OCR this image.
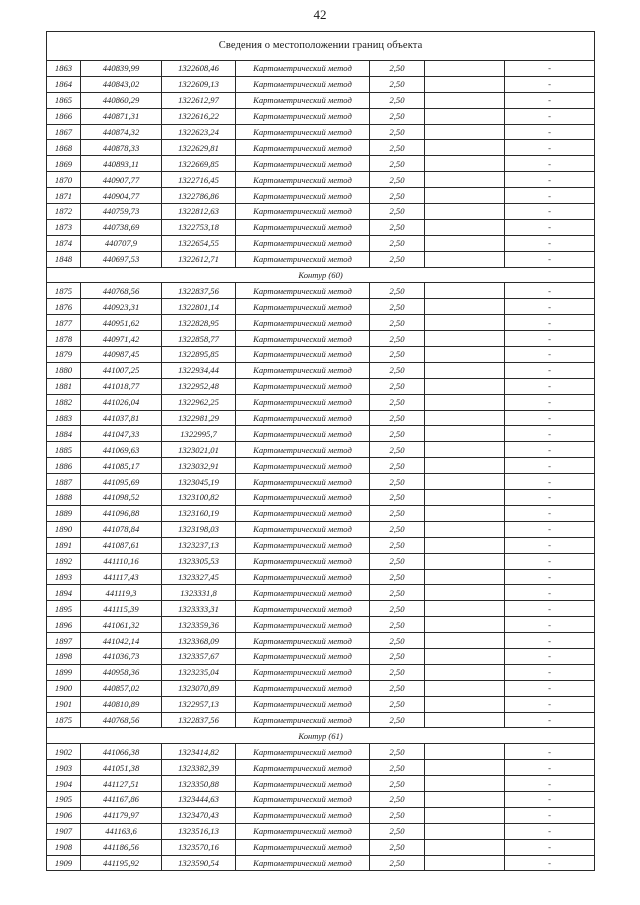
42
Сведения о местоположении границ объекта						
1863	440839,99	1322608,46	Картометрический метод	2,50		-
1864	440843,02	1322609,13	Картометрический метод	2,50		-
1865	440860,29	1322612,97	Картометрический метод	2,50		-
1866	440871,31	1322616,22	Картометрический метод	2,50		-
1867	440874,32	1322623,24	Картометрический метод	2,50		-
1868	440878,33	1322629,81	Картометрический метод	2,50		-
1869	440893,11	1322669,85	Картометрический метод	2,50		-
1870	440907,77	1322716,45	Картометрический метод	2,50		-
1871	440904,77	1322786,86	Картометрический метод	2,50		-
1872	440759,73	1322812,63	Картометрический метод	2,50		-
1873	440738,69	1322753,18	Картометрический метод	2,50		-
1874	440707,9	1322654,55	Картометрический метод	2,50		-
1848	440697,53	1322612,71	Картометрический метод	2,50		-
Контур (60)						
1875	440768,56	1322837,56	Картометрический метод	2,50		-
1876	440923,31	1322801,14	Картометрический метод	2,50		-
1877	440951,62	1322828,95	Картометрический метод	2,50		-
1878	440971,42	1322858,77	Картометрический метод	2,50		-
1879	440987,45	1322895,85	Картометрический метод	2,50		-
1880	441007,25	1322934,44	Картометрический метод	2,50		-
1881	441018,77	1322952,48	Картометрический метод	2,50		-
1882	441026,04	1322962,25	Картометрический метод	2,50		-
1883	441037,81	1322981,29	Картометрический метод	2,50		-
1884	441047,33	1322995,7	Картометрический метод	2,50		-
1885	441069,63	1323021,01	Картометрический метод	2,50		-
1886	441085,17	1323032,91	Картометрический метод	2,50		-
1887	441095,69	1323045,19	Картометрический метод	2,50		-
1888	441098,52	1323100,82	Картометрический метод	2,50		-
1889	441096,88	1323160,19	Картометрический метод	2,50		-
1890	441078,84	1323198,03	Картометрический метод	2,50		-
1891	441087,61	1323237,13	Картометрический метод	2,50		-
1892	441110,16	1323305,53	Картометрический метод	2,50		-
1893	441117,43	1323327,45	Картометрический метод	2,50		-
1894	441119,3	1323331,8	Картометрический метод	2,50		-
1895	441115,39	1323333,31	Картометрический метод	2,50		-
1896	441061,32	1323359,36	Картометрический метод	2,50		-
1897	441042,14	1323368,09	Картометрический метод	2,50		-
1898	441036,73	1323357,67	Картометрический метод	2,50		-
1899	440958,36	1323235,04	Картометрический метод	2,50		-
1900	440857,02	1323070,89	Картометрический метод	2,50		-
1901	440810,89	1322957,13	Картометрический метод	2,50		-
1875	440768,56	1322837,56	Картометрический метод	2,50		-
Контур (61)						
1902	441066,38	1323414,82	Картометрический метод	2,50		-
1903	441051,38	1323382,39	Картометрический метод	2,50		-
1904	441127,51	1323350,88	Картометрический метод	2,50		-
1905	441167,86	1323444,63	Картометрический метод	2,50		-
1906	441179,97	1323470,43	Картометрический метод	2,50		-
1907	441163,6	1323516,13	Картометрический метод	2,50		-
1908	441186,56	1323570,16	Картометрический метод	2,50		-
1909	441195,92	1323590,54	Картометрический метод	2,50		-
